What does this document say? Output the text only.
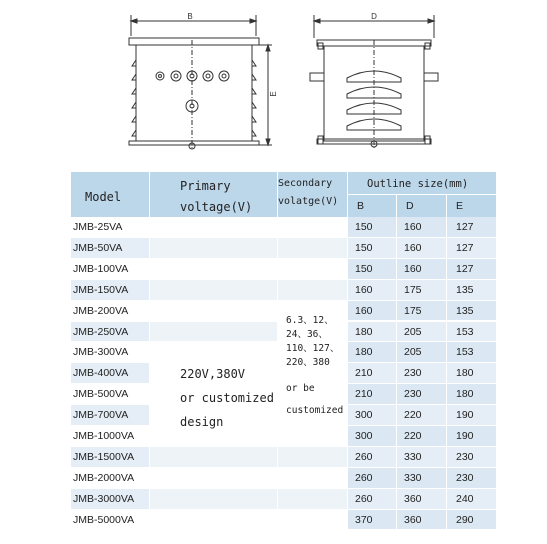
B
E
D
Model
Primary voltage(V)
Secondary volatge(V)
Outline size(mm)
B	D	E
JMB-25VA	150	160	127
JMB-50VA	150	160	127
JMB-100VA	150	160	127
JMB-150VA	160	175	135
JMB-200VA	160	175	135
JMB-250VA	180	205	153
JMB-300VA	180	205	153
JMB-400VA	210	230	180
JMB-500VA	210	230	180
JMB-700VA	300	220	190
JMB-1000VA	300	220	190
JMB-1500VA	260	330	230
JMB-2000VA	260	330	230
JMB-3000VA	260	360	240
JMB-5000VA	370	360	290
220V,380V
or customized
design
6.3、12、
24、36、
110、127、
220、380
or be
customized
